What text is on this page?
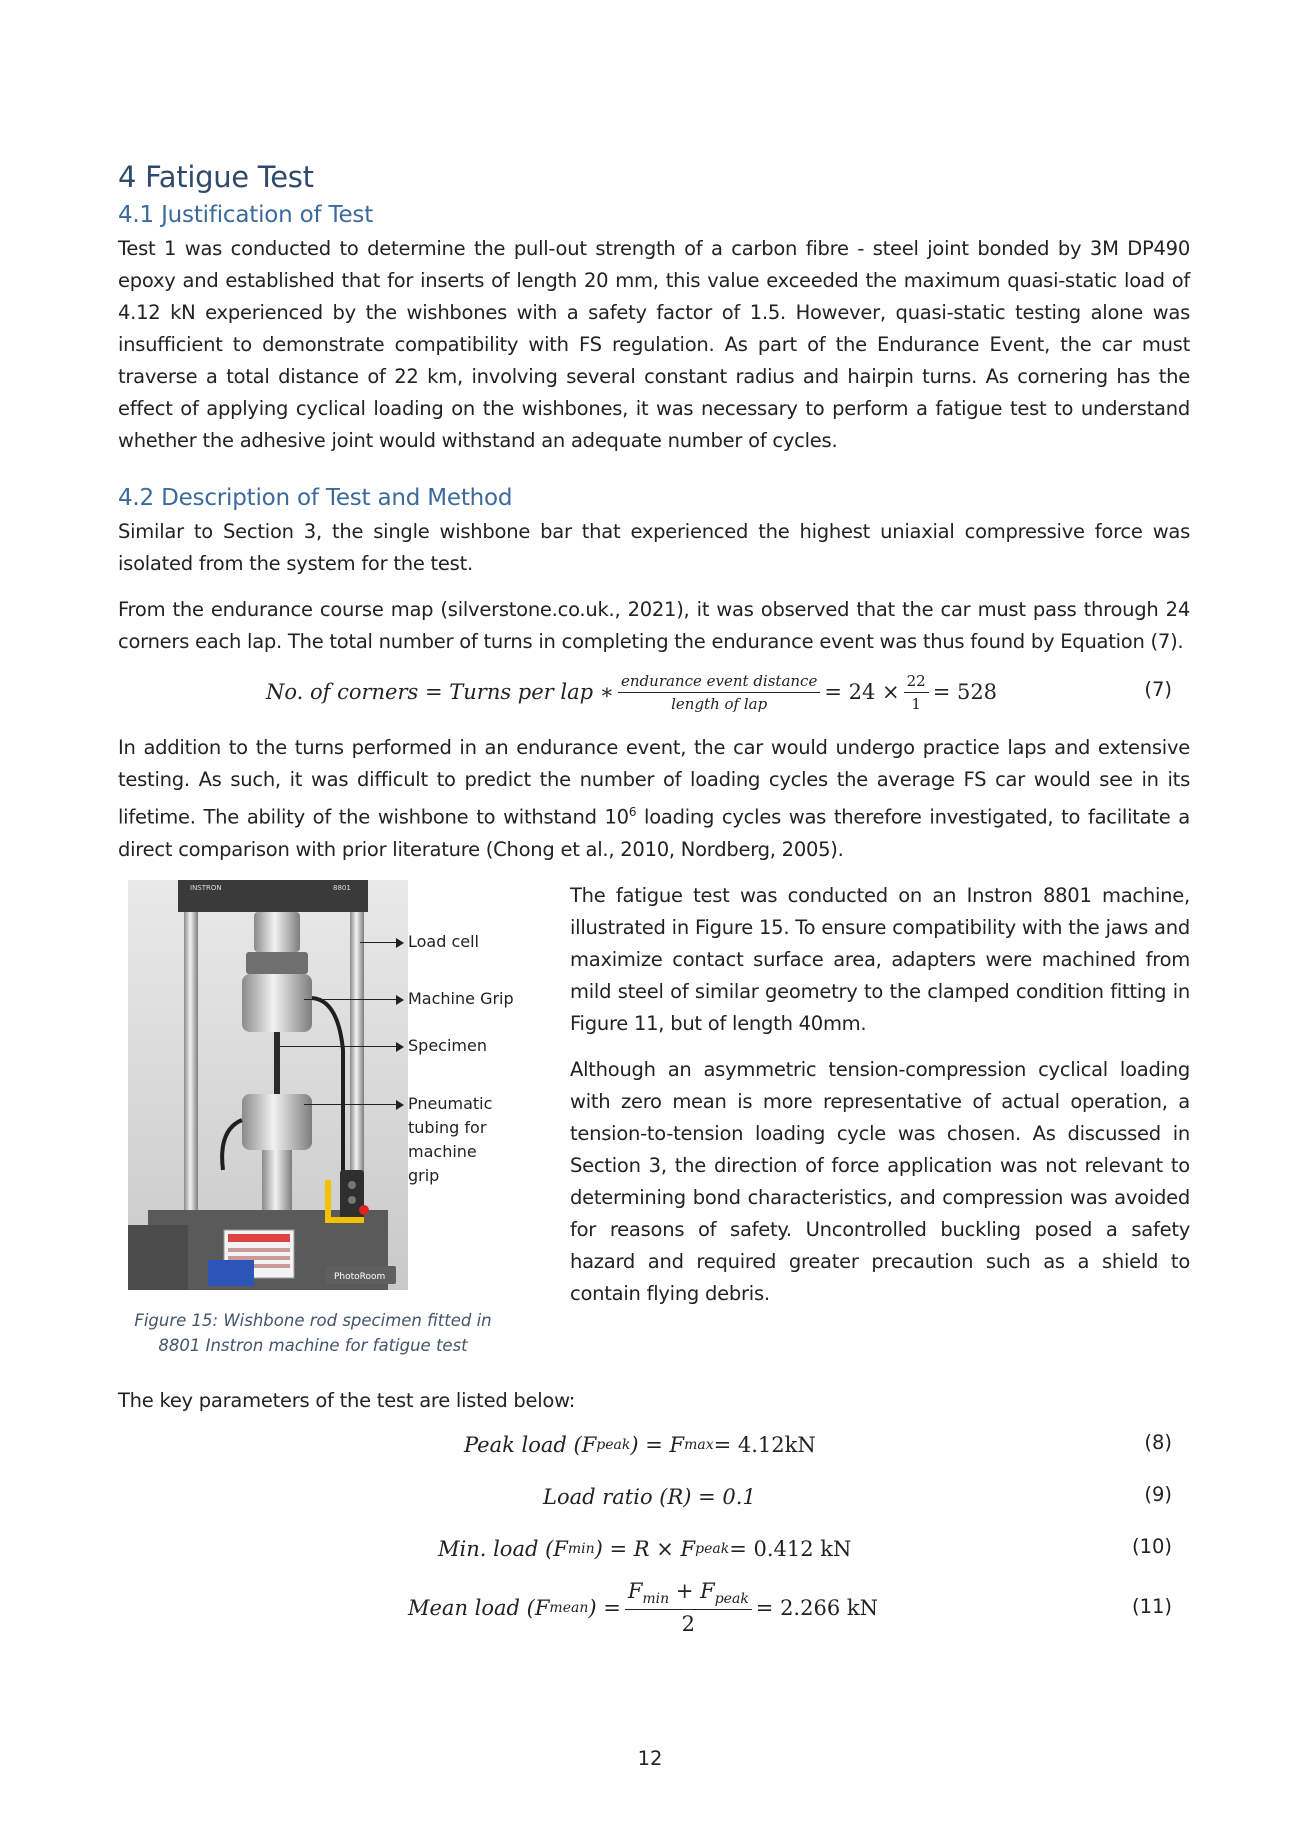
4 Fatigue Test
4.1 Justification of Test

Test 1 was conducted to determine the pull-out strength of a carbon fibre - steel joint bonded by 3M DP490 epoxy and established that for inserts of length 20 mm, this value exceeded the maximum quasi-static load of 4.12 kN experienced by the wishbones with a safety factor of 1.5. However, quasi-static testing alone was insufficient to demonstrate compatibility with FS regulation. As part of the Endurance Event, the car must traverse a total distance of 22 km, involving several constant radius and hairpin turns. As cornering has the effect of applying cyclical loading on the wishbones, it was necessary to perform a fatigue test to understand whether the adhesive joint would withstand an adequate number of cycles.

4.2 Description of Test and Method

Similar to Section 3, the single wishbone bar that experienced the highest uniaxial compressive force was isolated from the system for the test.

From the endurance course map (silverstone.co.uk., 2021), it was observed that the car must pass through 24 corners each lap. The total number of turns in completing the endurance event was thus found by Equation (7).

No. of corners = Turns per lap ∗ $\frac{\text{endurance event distance}}{\text{length of lap}} = 24 \times \frac{22}{1} = 528$	(7)

In addition to the turns performed in an endurance event, the car would undergo practice laps and extensive testing. As such, it was difficult to predict the number of loading cycles the average FS car would see in its lifetime. The ability of the wishbone to withstand $10^6$ loading cycles was therefore investigated, to facilitate a direct comparison with prior literature (Chong et al., 2010, Nordberg, 2005).

INSTRON	8801
PhotoRoom
Load cell
Machine Grip
Specimen
Pneumatic tubing for machine grip
Figure 15: Wishbone rod specimen fitted in 8801 Instron machine for fatigue test

The fatigue test was conducted on an Instron 8801 machine, illustrated in Figure 15. To ensure compatibility with the jaws and maximize contact surface area, adapters were machined from mild steel of similar geometry to the clamped condition fitting in Figure 11, but of length 40mm.

Although an asymmetric tension-compression cyclical loading with zero mean is more representative of actual operation, a tension-to-tension loading cycle was chosen. As discussed in Section 3, the direction of force application was not relevant to determining bond characteristics, and compression was avoided for reasons of safety. Uncontrolled buckling posed a safety hazard and required greater precaution such as a shield to contain flying debris.

The key parameters of the test are listed below:

Peak load (F peak ) = F max = 4.12kN	(8)
Load ratio (R) = 0.1	(9)
Min. load (F min ) = R × F peak = 0.412 kN	(10)
Mean load (F mean ) = $\frac{F_{min} + F_{peak}}{2} = 2.266$ kN	(11)
12
